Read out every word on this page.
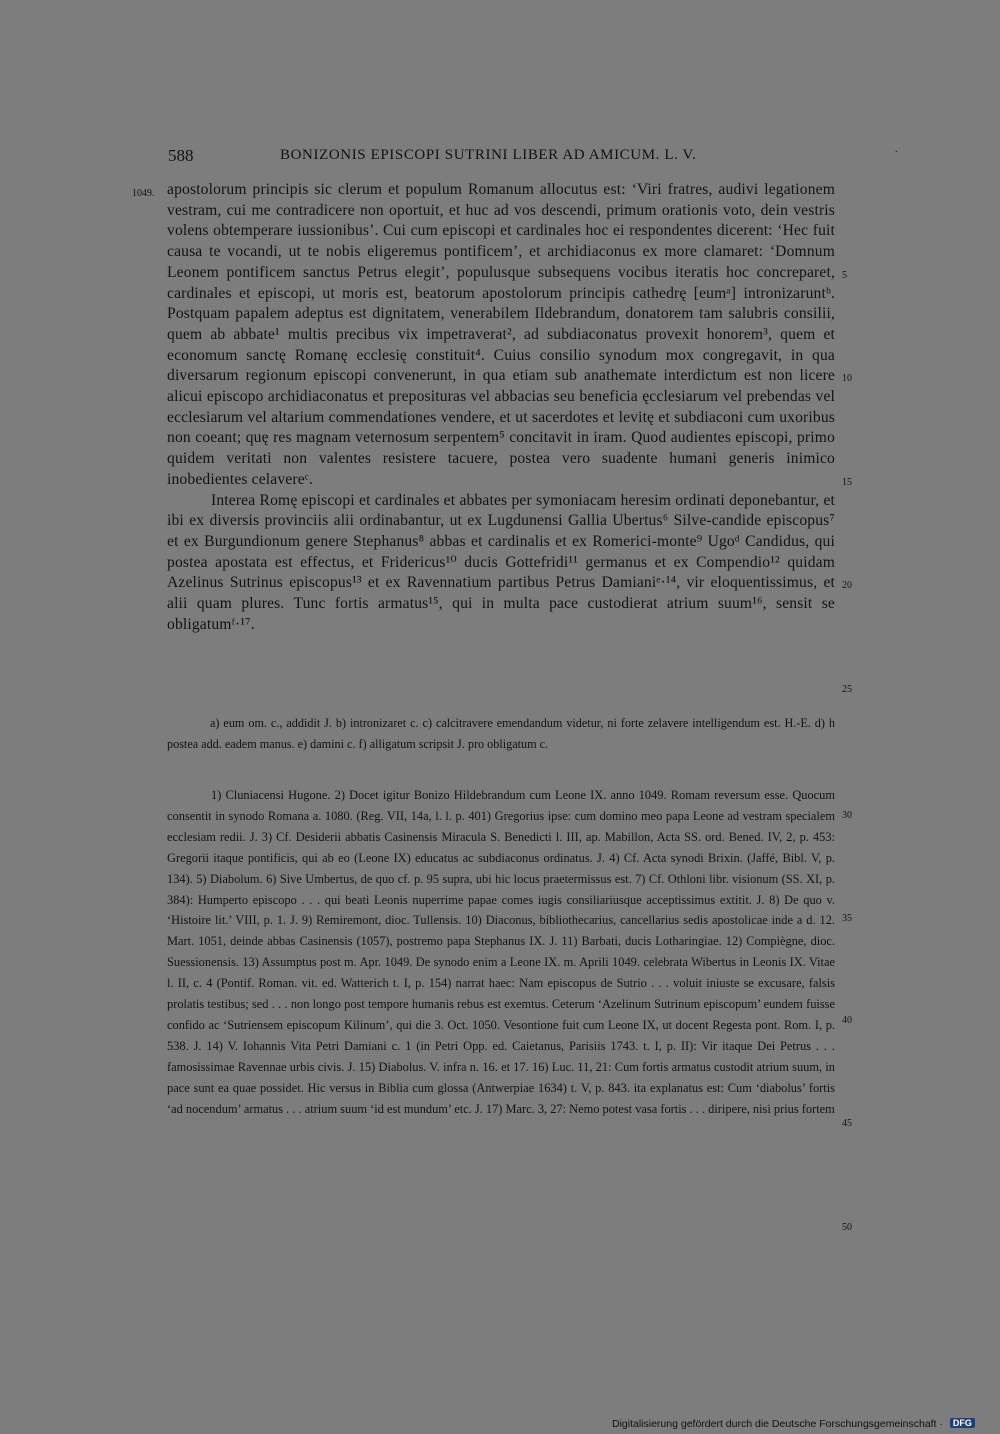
588	BONIZONIS EPISCOPI SUTRINI LIBER AD AMICUM. L. V.	.
1049.
5
10
15
20
25
30
35
40
45
50

apostolorum principis sic clerum et populum Romanum allocutus est: ‘Viri fratres, audivi legationem vestram, cui me contradicere non oportuit, et huc ad vos descendi, primum orationis voto, dein vestris volens obtemperare iussionibus’. Cui cum episcopi et cardinales hoc ei respondentes dicerent: ‘Hec fuit causa te vocandi, ut te nobis eligeremus pontificem’, et archidiaconus ex more clamaret: ‘Domnum Leonem pontificem sanctus Petrus elegit’, populusque subsequens vocibus iteratis hoc concreparet, cardinales et episcopi, ut moris est, beatorum apostolorum principis cathedrę [eumᵃ] intronizaruntᵇ. Postquam papalem adeptus est dignitatem, venerabilem Ildebrandum, donatorem tam salubris consilii, quem ab abbate¹ multis precibus vix impetraverat², ad subdiaconatus provexit honorem³, quem et economum sanctę Romanę ecclesię constituit⁴. Cuius consilio synodum mox congregavit, in qua diversarum regionum episcopi convenerunt, in qua etiam sub anathemate interdictum est non licere alicui episcopo archidiaconatus et preposituras vel abbacias seu beneficia ęcclesiarum vel prebendas vel ecclesiarum vel altarium commendationes vendere, et ut sacerdotes et levitę et subdiaconi cum uxoribus non coeant; quę res magnam veternosum serpentem⁵ concitavit in iram. Quod audientes episcopi, primo quidem veritati non valentes resistere tacuere, postea vero suadente humani generis inimico inobedientes celavereᶜ.

Interea Romę episcopi et cardinales et abbates per symoniacam heresim ordinati deponebantur, et ibi ex diversis provinciis alii ordinabantur, ut ex Lugdunensi Gallia Ubertus⁶ Silve-candide episcopus⁷ et ex Burgundionum genere Stephanus⁸ abbas et cardinalis et ex Romerici-monte⁹ Ugoᵈ Candidus, qui postea apostata est effectus, et Fridericus¹⁰ ducis Gottefridi¹¹ germanus et ex Compendio¹² quidam Azelinus Sutrinus episcopus¹³ et ex Ravennatium partibus Petrus Damianiᵉ·¹⁴, vir eloquentissimus, et alii quam plures. Tunc fortis armatus¹⁵, qui in multa pace custodierat atrium suum¹⁶, sensit se obligatumᶠ·¹⁷.

a) eum om. c., addidit J. b) intronizaret c. c) calcitravere emendandum videtur, ni forte zelavere intelligendum est. H.-E. d) h postea add. eadem manus. e) damini c. f) alligatum scripsit J. pro obligatum c.

1) Cluniacensi Hugone. 2) Docet igitur Bonizo Hildebrandum cum Leone IX. anno 1049. Romam reversum esse. Quocum consentit in synodo Romana a. 1080. (Reg. VII, 14a, l. l. p. 401) Gregorius ipse: cum domino meo papa Leone ad vestram specialem ecclesiam redii. J. 3) Cf. Desiderii abbatis Casinensis Miracula S. Benedicti l. III, ap. Mabillon, Acta SS. ord. Bened. IV, 2, p. 453: Gregorii itaque pontificis, qui ab eo (Leone IX) educatus ac subdiaconus ordinatus. J. 4) Cf. Acta synodi Brixin. (Jaffé, Bibl. V, p. 134). 5) Diabolum. 6) Sive Umbertus, de quo cf. p. 95 supra, ubi hic locus praetermissus est. 7) Cf. Othloni libr. visionum (SS. XI, p. 384): Humperto episcopo . . . qui beati Leonis nuperrime papae comes iugis consiliariusque acceptissimus extitit. J. 8) De quo v. ‘Histoire lit.’ VIII, p. 1. J. 9) Remiremont, dioc. Tullensis. 10) Diaconus, bibliothecarius, cancellarius sedis apostolicae inde a d. 12. Mart. 1051, deinde abbas Casinensis (1057), postremo papa Stephanus IX. J. 11) Barbati, ducis Lotharingiae. 12) Compiègne, dioc. Suessionensis. 13) Assumptus post m. Apr. 1049. De synodo enim a Leone IX. m. Aprili 1049. celebrata Wibertus in Leonis IX. Vitae l. II, c. 4 (Pontif. Roman. vit. ed. Watterich t. I, p. 154) narrat haec: Nam episcopus de Sutrio . . . voluit iniuste se excusare, falsis prolatis testibus; sed . . . non longo post tempore humanis rebus est exemtus. Ceterum ‘Azelinum Sutrinum episcopum’ eundem fuisse confido ac ‘Sutriensem episcopum Kilinum’, qui die 3. Oct. 1050. Vesontione fuit cum Leone IX, ut docent Regesta pont. Rom. I, p. 538. J. 14) V. Iohannis Vita Petri Damiani c. 1 (in Petri Opp. ed. Caietanus, Parisiis 1743. t. I, p. II): Vir itaque Dei Petrus . . . famosissimae Ravennae urbis civis. J. 15) Diabolus. V. infra n. 16. et 17. 16) Luc. 11, 21: Cum fortis armatus custodit atrium suum, in pace sunt ea quae possidet. Hic versus in Biblia cum glossa (Antwerpiae 1634) t. V, p. 843. ita explanatus est: Cum ‘diabolus’ fortis ‘ad nocendum’ armatus . . . atrium suum ‘id est mundum’ etc. J. 17) Marc. 3, 27: Nemo potest vasa fortis . . . diripere, nisi prius fortem

Digitalisierung gefördert durch die Deutsche Forschungsgemeinschaft · DFG
